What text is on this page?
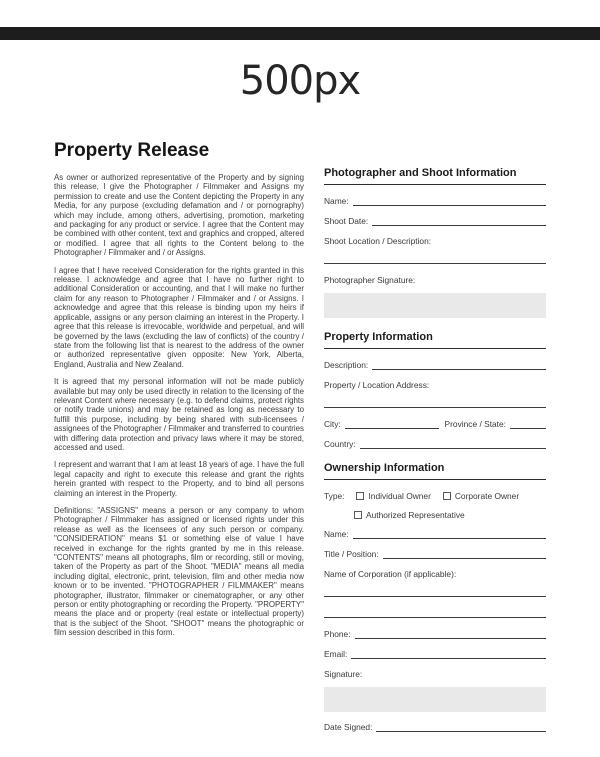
500px
Property Release

As owner or authorized representative of the Property and by signing this release, I give the Photographer / Filmmaker and Assigns my permission to create and use the Content depicting the Property in any Media, for any purpose (excluding defamation and / or pornography) which may include, among others, advertising, promotion, marketing and packaging for any product or service. I agree that the Content may be combined with other content, text and graphics and cropped, altered or modified. I agree that all rights to the Content belong to the Photographer / Filmmaker and / or Assigns.

I agree that I have received Consideration for the rights granted in this release. I acknowledge and agree that I have no further right to additional Consideration or accounting, and that I will make no further claim for any reason to Photographer / Filmmaker and / or Assigns. I acknowledge and agree that this release is binding upon my heirs if applicable, assigns or any person claiming an interest in the Property. I agree that this release is irrevocable, worldwide and perpetual, and will be governed by the laws (excluding the law of conflicts) of the country / state from the following list that is nearest to the address of the owner or authorized representative given opposite: New York, Alberta, England, Australia and New Zealand.

It is agreed that my personal information will not be made publicly available but may only be used directly in relation to the licensing of the relevant Content where necessary (e.g. to defend claims, protect rights or notify trade unions) and may be retained as long as necessary to fulfill this purpose, including by being shared with sub-licensees / assignees of the Photographer / Filmmaker and transferred to countries with differing data protection and privacy laws where it may be stored, accessed and used.

I represent and warrant that I am at least 18 years of age. I have the full legal capacity and right to execute this release and grant the rights herein granted with respect to the Property, and to bind all persons claiming an interest in the Property.

Definitions: "ASSIGNS" means a person or any company to whom Photographer / Filmmaker has assigned or licensed rights under this release as well as the licensees of any such person or company. "CONSIDERATION" means $1 or something else of value I have received in exchange for the rights granted by me in this release. "CONTENTS" means all photographs, film or recording, still or moving, taken of the Property as part of the Shoot. "MEDIA" means all media including digital, electronic, print, television, film and other media now known or to be invented. "PHOTOGRAPHER / FILMMAKER" means photographer, illustrator, filmmaker or cinematographer, or any other person or entity photographing or recording the Property. "PROPERTY" means the place and or property (real estate or intellectual property) that is the subject of the Shoot. "SHOOT" means the photographic or film session described in this form.

Photographer and Shoot Information
Name:
Shoot Date:
Shoot Location / Description:
Photographer Signature:
Property Information
Description:
Property / Location Address:
City:	Province / State:
Country:
Ownership Information
Type:	Individual Owner	Corporate Owner
Authorized Representative
Name:
Title / Position:
Name of Corporation (if applicable):
Phone:
Email:
Signature:
Date Signed:
